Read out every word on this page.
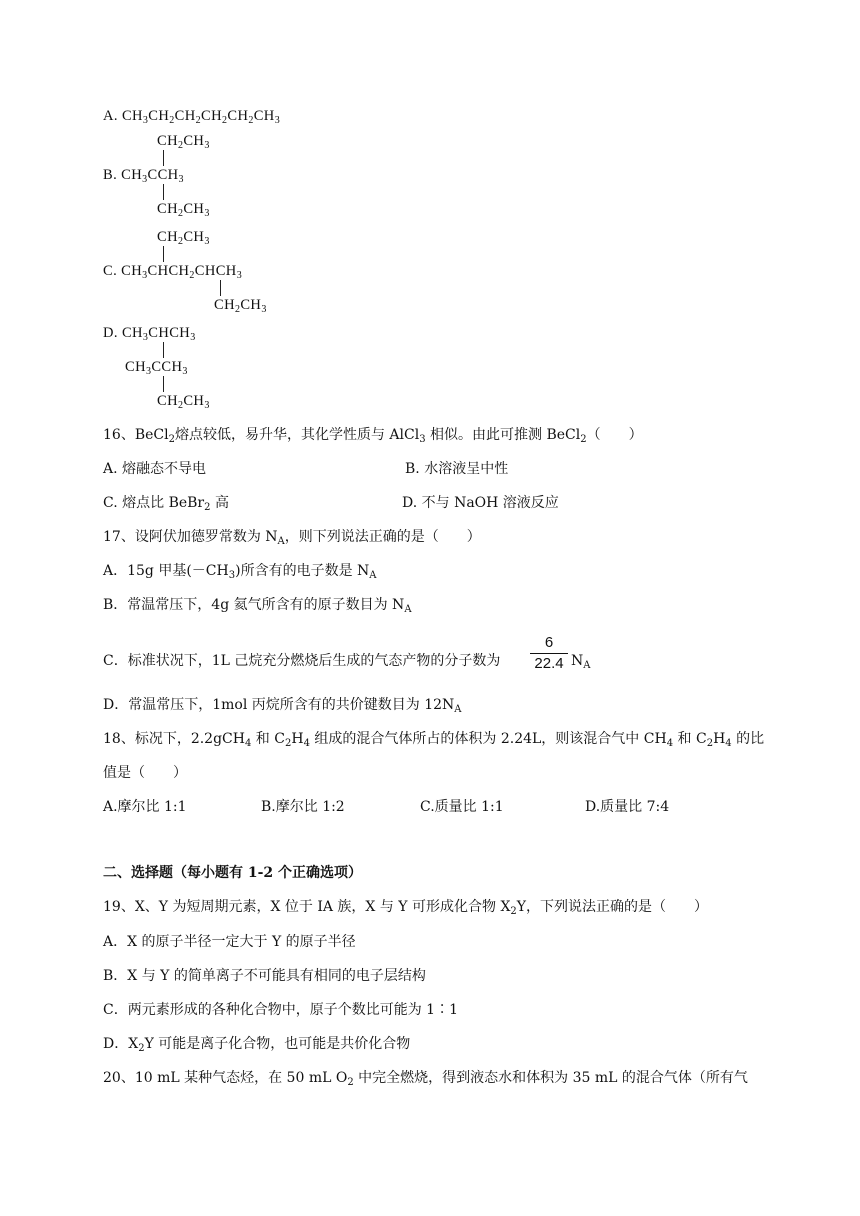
A. $CH_3CH_2CH_2CH_2CH_2CH_3$
$CH_2CH_3$
B. $CH_3CCH_3$
$CH_2CH_3$
$CH_2CH_3$
C. $CH_3CHCH_2CHCH_3$
$CH_2CH_3$
D. $CH_3CHCH_3$
$CH_3CCH_3$
$CH_2CH_3$
16、BeCl$_2$熔点较低，易升华，其化学性质与 AlCl$_3$ 相似。由此可推测 BeCl$_2$（　　）
A. 熔融态不导电	B. 水溶液呈中性
C. 熔点比 BeBr$_2$ 高	D. 不与 NaOH 溶液反应
17、设阿伏加德罗常数为 $N_A$，则下列说法正确的是（　　）
A．15g 甲基$(-CH_3)$所含有的电子数是 $N_A$
B．常温常压下，4g 氦气所含有的原子数目为 $N_A$
C．标准状况下，1L 己烷充分燃烧后生成的气态产物的分子数为
6
22.4 $N_A$
D．常温常压下，1mol 丙烷所含有的共价键数目为 $12N_A$
18、标况下，2.2gCH$_4$ 和 $C_2H_4$ 组成的混合气体所占的体积为 2.24L，则该混合气中 $CH_4$ 和 $C_2H_4$ 的比
值是（　　）
A.摩尔比 1:1	B.摩尔比 1:2	C.质量比 1:1	D.质量比 7:4
二、选择题（每小题有 1-2 个正确选项）
19、X、Y 为短周期元素，X 位于 IA 族，X 与 Y 可形成化合物 $X_2Y$，下列说法正确的是（　　）
A．X 的原子半径一定大于 Y 的原子半径
B．X 与 Y 的简单离子不可能具有相同的电子层结构
C．两元素形成的各种化合物中，原子个数比可能为 1∶1
D．$X_2Y$ 可能是离子化合物，也可能是共价化合物
20、10 mL 某种气态烃，在 50 mL $O_2$ 中完全燃烧，得到液态水和体积为 35 mL 的混合气体（所有气
